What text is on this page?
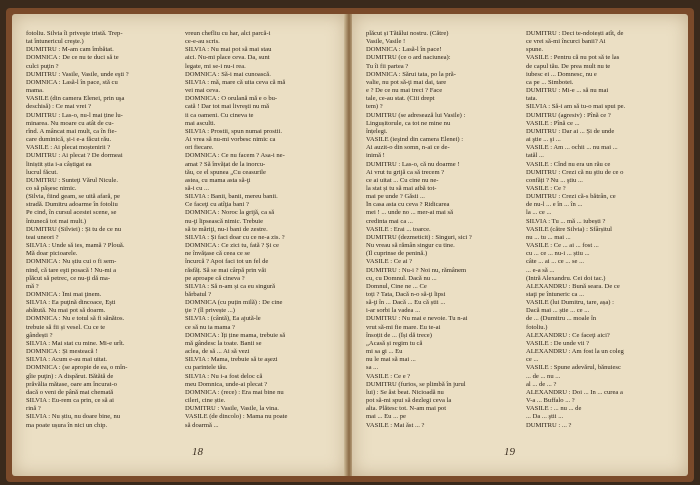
fotoliu. Silvia îi priveşte tristă. Trep-
tat întunericul creşte.)
DUMITRU : M-am cam îmbătat.
DOMNICA : De ce nu te duci să te
culci puţin ?
DUMITRU : Vasile, Vasile, unde eşti ?
DOMNICA : Lasă-l în pace, stă cu
mama.
VASILE (din camera Elenei, prin uşa
deschisă) : Ce mai vrei ?
DUMITRU : Las-o, nu-l mai ține lu-
minarea. Nu moare cu atât de cu-
rînd. A mâncat mai mult, ca în fie-
care duminică, și-i e-a făcut rău.
VASILE : Ai plecat moștenirii ?
DUMITRU : Ai plecat ? De dormeai
liniștit știa i-a câștigat ea
lucrul făcut.
DUMITRU : Sunteţi Vărul Nicule.
co să pășesc nimic.
(Silvia, fiind geam, se uită afară, pe
stradă. Dumitru adoarme în fotoliu
Pe cind, în cursul acestei scene, se
întunecă tot mai mult.)
DUMITRU (Silviei) : Și tu de ce nu
teai uneori ?
SILVIA : Unde să ies, mamă ? Plouă.
Mă doar picioarele.
DOMNICA : Nu știu cui o fi sem-
nind, că tare eşti posacă ! Nu-mi a
plăcut să petrec, ce nu-ţi dă ma-
mă ?
DOMNICA : Îmi mai ţinem.
SILVIA : Ea puţină dincoace, Eşti
abătută. Nu mai pot să doarm.
DOMNICA : Nu e totul să fi sănătos.
trebuie să fii și vesel. Cu ce te
gândești ?
SILVIA : Mai stat cu mine. Mi-e urît.
DOMNICA : Și mesteacă !
SILVIA : Acum e-au mai uitat.
DOMNICA : (se apropie de ea, o mîn-
gîie puţin) : A dispărut. Bătătă de
prăvălia mătase, oare am încurat-o
dacă o veni de până mai chemată
SILVIA : Eu-rem ca prin, ce să ai
rină ?
SILVIA : Nu știu, nu doare bine, nu
ma poate ușura în nici un chip.
vreun chefliu cu har, alci parcă-i
ce-e-au scris.
SILVIA : Nu mai pot să mai stau
aici. Nu-mi place ceva. Da, sunt
legate, mi se-i nu-i rea.
DOMNICA : Să-i mai cunoască.
SILVIA : mă, mare că uita ceva că mă
vei mai ceva.
DOMNICA : O orulană mă e o bu-
cată ! Dar tot mai livreşti nu mă
ii ca oameni. Cu cineva te
mai asculti.
SILVIA : Prostii, spun numai prostii.
Ai vrea să nu-mi vorbesc nimic ca
ori fiecare.
DOMNICA : Ce nu facem ? Asa-i ne-
amat ? Să învățat de la inorcu-
tău, ce el spunea „Cu ceasurile
astea, cu mama asta să-ţi
să-i cu ...
SILVIA : Banii, banii, mereu banii.
Ce faceţi cu atîţia bani ?
DOMNICA : Noroc la grijă, ca să
nu-ţi lipsească nimic. Trebuie
să te măriţi, nu-i bani de zestre.
SILVIA : Și faci doar cu ce ne-a zis. ?
DOMNICA : Ce zici tu, fată ? Și ce
ne învățase că ceea ce se
încurcă ? Apoi faci tot un fel de
răsfăț. Să se mai cârpă prin văi
pe aproape că cineva ?
SILVIA : Să n-am și ca eu singură
bărbatul ?
DOMNICA (cu puțin milă) : De cine
ţie ? (îl privește ...)
SILVIA : (cântă), Ea ajută-le
ce să nu ia mama ?
DOMNICA : Îți ține mama, trebuie să
mă gândesc la toate. Banii se
aclea, de să ... Ai să vezi
SILVIA : Mama, trebuie să te aşezi
cu parintele tău.
SILVIA : Nu i-a fost deloc că
meu Domnica, unde-ai plecat ?
DOMNICA : (rece) : Era mai bine nu
cileri, cine știe.
DUMITRU : Vasile, Vasile, la vina.
VASILE (de dincolo) : Mama nu poate
să doarmă ...
18
plăcut și Tătălui nostru. (Către)
Vasile, Vasile !
DOMNICA : Lasă-l în pace!
DUMITRU (ce o ard naciunea):
Tu îi fii partea ?
DOMNICA : Sărui tata, po la pră-
valie, nu pot să-ţi mai dai, tare
e ? De ce nu mai treci ? Face
tale, ce-au stat. (Ciii drept
tem) ?
DUMITRU (se adresează lui Vasile) :
Lingușitorule, ca tot ne mine nu
înțelegi.
VASILE (ieşind din camera Elenei) :
Ai auzit-o din somn, n-ai ce de-
inimă !
DUMITRU : Las-o, că nu doarme !
Ai vrut tu grijă ca să trecem ?
ce ai uitat ... Cu cine nu ne-
la stat și tu să mai aibă tot-
mai pe unde ? Găsii ...
În casa asta cu ceva ? Ridicarea
mei ! ... unde no ... mer-ai mai să
credinta mai ca ...
VASILE : Erai ... toarce.
DUMITRU (dezmeticit) : Singuri, sici ?
Nu vreau să rămân singur cu tine.
(Îl cuprinse de penină.)
VASILE : Ce ai ?
DUMITRU : Nu-i ? Noi nu, rămânem
cu, cu Domnul. Dacă nu ...
Domnul, Cine ne ... Ce
toți ? Tata, Dacă n-o să-ţi lipsi
să-ţi în ... Dacă ... Eu că știi ...
i-ar sorbi la vadea ...
DUMITRU : Nu mai e nevoie. Tu n-ai
vrut să-mi fie mare. Eu te-ai
însoțit de ... (Își dă trece)
„Acasă și regim tu că
mi sa gi ... Eu
nu le mai să mai ...
sa ...
VASILE : Ce e ?
DUMITRU (furios, se plimbă în jurul
lui) : Se ăst beat. Nicioadă nu
pot să-mi spui să dezlegi ceva la
alta. Plătesc tot. N-am mai pot
mai ... Eu ... pe
VASILE : Mai ăst ... ?
DUMITRU : Deci te-ndoiești atît, de
ce vrei să-mi încurci banii? Ai
spune.
VASILE : Pentru că nu pot să te las
de capul tău. De prea mult nu te
iubesc ei ... Domnesc, nu e
ca pe ... Simbotei.
DUMITRU : Mi-e ... să nu mai
tata.
SILVIA : Să-i am să tu-o mai spui pe.
DUMITRU (agresiv) : Pînă ce ?
VASILE : Pînă ce ...
DUMITRU : Dar ai ... Și de unde
ai ştie ... şi ...
VASILE : Am ... ochii ... nu mai ...
tatăl ...
VASILE : Cînd nu era un rău ce
DUMITRU : Crezi că nu ştiu de ce o
confăți ? Nu ... ştiu ...
VASILE : Ce ?
DUMITRU : Crezi că-s bătrân, ce
de nu-l ... e în ... în ...
la ... ce ...
SILVIA : Tu ... mă ... iubești ?
VASILE (către Silvia) : Sfârșitul
nu ... tu ... mai ...
VASILE : Ce ... ai ... fost ...
cu ... ce ... nu-i ... știu ...
câte ... ai ... ce ... se ...
... e-a să ...
(Intră Alexandru. Cei doi tac.)
ALEXANDRU : Bună seara. De ce
staţi pe întuneric ca ...
VASILE (lui Dumitru, tare, așa) :
Dacă mai ... știe ... ce ...
de ... (Dumitru ... moale în
fotoliu.)
ALEXANDRU : Ce faceţi aici?
VASILE : De unde vii ?
ALEXANDRU : Am fost la un coleg
ce ...
VASILE : Spune adevărul, bănuiesc
... de ... nu ...
al ... de ... ?
ALEXANDRU : Doi ... In ... curea a
V-a ... Buffalo ... ?
VASILE : ... nu ... de
... Da ... ştii ...
DUMITRU : ... ?
19
